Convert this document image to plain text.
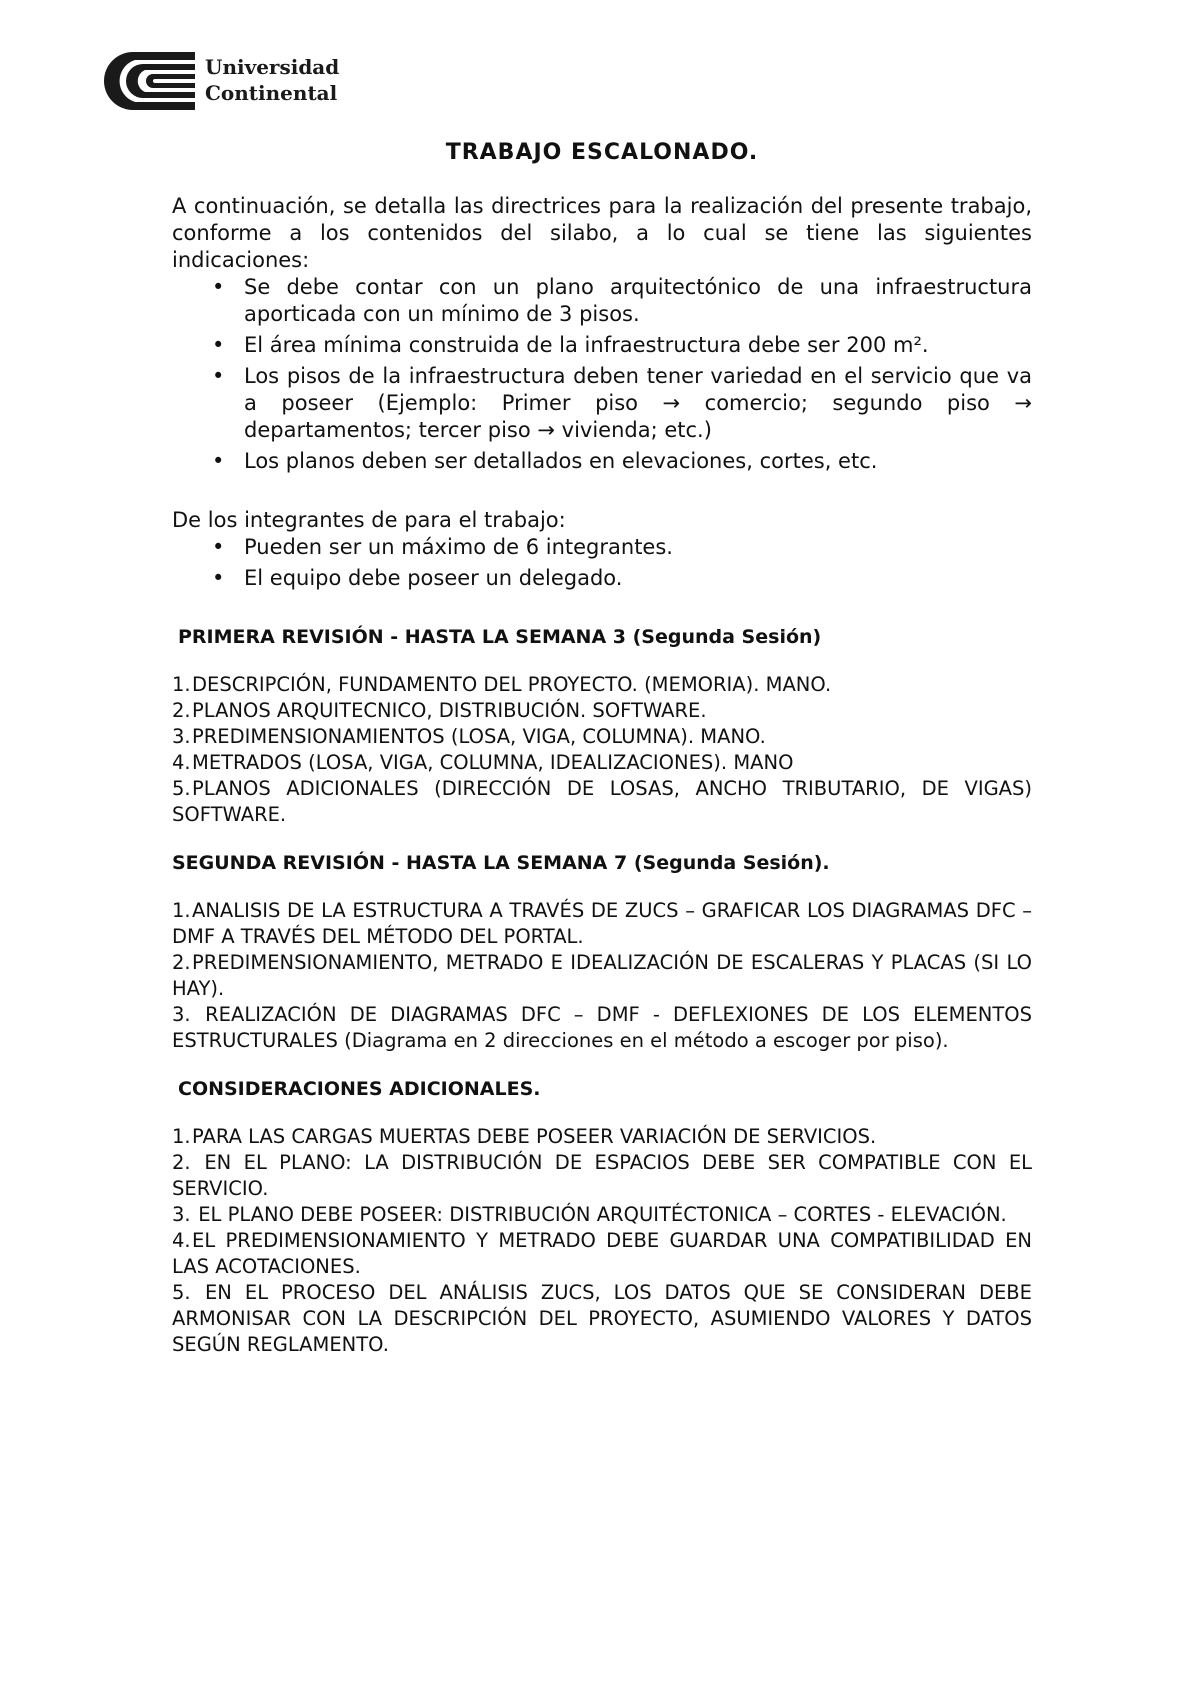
Universidad
Continental
TRABAJO ESCALONADO.

A continuación, se detalla las directrices para la realización del presente trabajo, conforme a los contenidos del silabo, a lo cual se tiene las siguientes indicaciones:

• Se debe contar con un plano arquitectónico de una infraestructura aporticada con un mínimo de 3 pisos.
• El área mínima construida de la infraestructura debe ser 200 m².
• Los pisos de la infraestructura deben tener variedad en el servicio que va a poseer (Ejemplo: Primer piso → comercio; segundo piso → departamentos; tercer piso → vivienda; etc.)
• Los planos deben ser detallados en elevaciones, cortes, etc.

De los integrantes de para el trabajo:

• Pueden ser un máximo de 6 integrantes.
• El equipo debe poseer un delegado.

PRIMERA REVISIÓN - HASTA LA SEMANA 3 (Segunda Sesión)

1.DESCRIPCIÓN, FUNDAMENTO DEL PROYECTO. (MEMORIA). MANO.
2.PLANOS ARQUITECNICO, DISTRIBUCIÓN. SOFTWARE.
3.PREDIMENSIONAMIENTOS (LOSA, VIGA, COLUMNA). MANO.
4.METRADOS (LOSA, VIGA, COLUMNA, IDEALIZACIONES). MANO
5.PLANOS ADICIONALES (DIRECCIÓN DE LOSAS, ANCHO TRIBUTARIO, DE VIGAS) SOFTWARE.

SEGUNDA REVISIÓN - HASTA LA SEMANA 7 (Segunda Sesión).

1.ANALISIS DE LA ESTRUCTURA A TRAVÉS DE ZUCS – GRAFICAR LOS DIAGRAMAS DFC – DMF A TRAVÉS DEL MÉTODO DEL PORTAL.
2.PREDIMENSIONAMIENTO, METRADO E IDEALIZACIÓN DE ESCALERAS Y PLACAS (SI LO HAY).
3. REALIZACIÓN DE DIAGRAMAS DFC – DMF - DEFLEXIONES DE LOS ELEMENTOS ESTRUCTURALES (Diagrama en 2 direcciones en el método a escoger por piso).

CONSIDERACIONES ADICIONALES.

1.PARA LAS CARGAS MUERTAS DEBE POSEER VARIACIÓN DE SERVICIOS.
2. EN EL PLANO: LA DISTRIBUCIÓN DE ESPACIOS DEBE SER COMPATIBLE CON EL SERVICIO.
3. EL PLANO DEBE POSEER: DISTRIBUCIÓN ARQUITÉCTONICA – CORTES - ELEVACIÓN.
4.EL PREDIMENSIONAMIENTO Y METRADO DEBE GUARDAR UNA COMPATIBILIDAD EN LAS ACOTACIONES.
5. EN EL PROCESO DEL ANÁLISIS ZUCS, LOS DATOS QUE SE CONSIDERAN DEBE ARMONISAR CON LA DESCRIPCIÓN DEL PROYECTO, ASUMIENDO VALORES Y DATOS SEGÚN REGLAMENTO.
